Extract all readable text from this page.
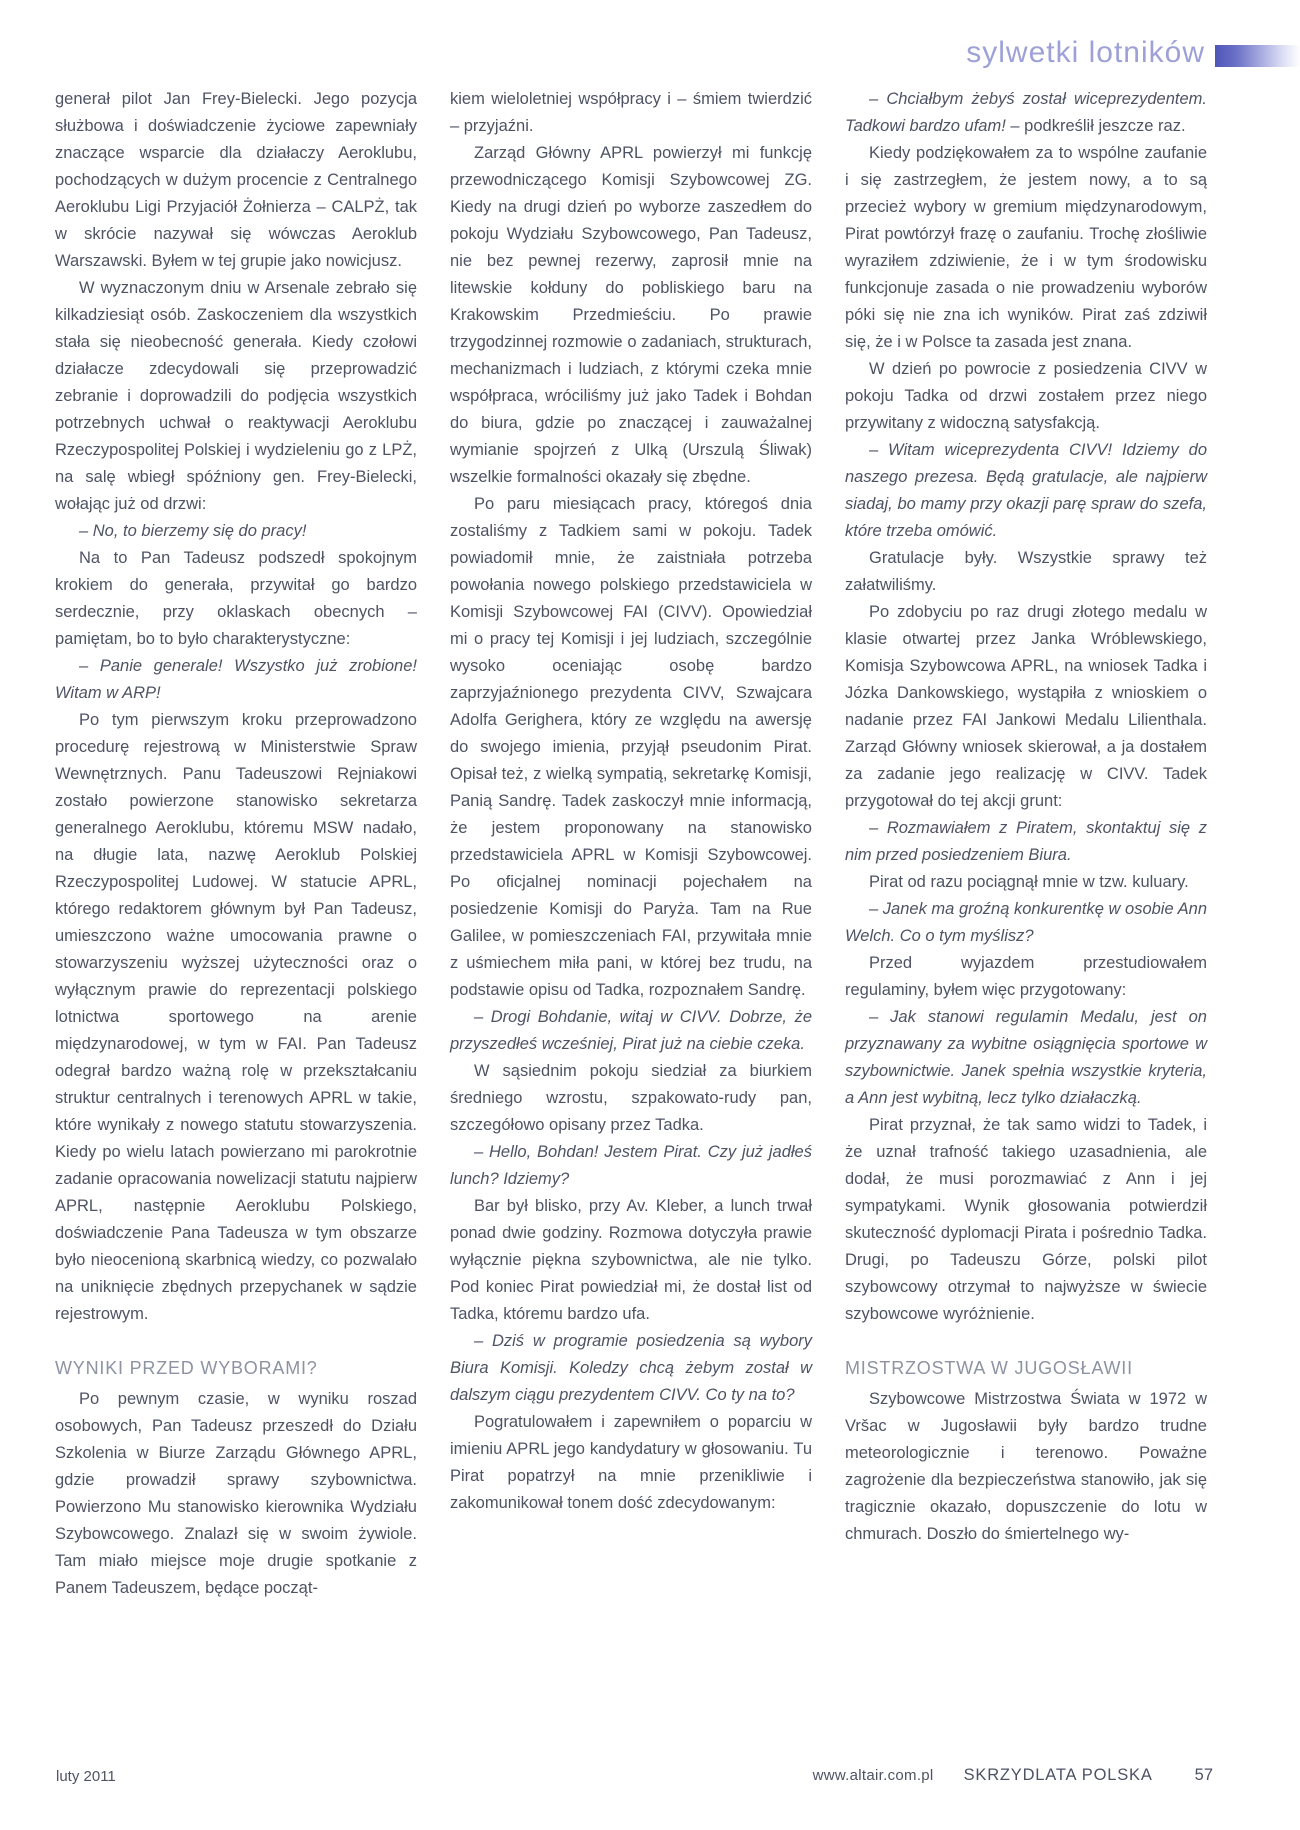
sylwetki lotników

generał pilot Jan Frey-Bielecki. Jego pozycja służbowa i doświadczenie życiowe zapewniały znaczące wsparcie dla działaczy Aeroklubu, pochodzących w dużym procencie z Centralnego Aeroklubu Ligi Przyjaciół Żołnierza – CALPŻ, tak w skrócie nazywał się wówczas Aeroklub Warszawski. Byłem w tej grupie jako nowicjusz.

W wyznaczonym dniu w Arsenale zebrało się kilkadziesiąt osób. Zaskoczeniem dla wszystkich stała się nieobecność generała. Kiedy czołowi działacze zdecydowali się przeprowadzić zebranie i doprowadzili do podjęcia wszystkich potrzebnych uchwał o reaktywacji Aeroklubu Rzeczypospolitej Polskiej i wydzieleniu go z LPŻ, na salę wbiegł spóźniony gen. Frey-Bielecki, wołając już od drzwi:

– No, to bierzemy się do pracy!

Na to Pan Tadeusz podszedł spokojnym krokiem do generała, przywitał go bardzo serdecznie, przy oklaskach obecnych – pamiętam, bo to było charakterystyczne:

– Panie generale! Wszystko już zrobione! Witam w ARP!

Po tym pierwszym kroku przeprowadzono procedurę rejestrową w Ministerstwie Spraw Wewnętrznych. Panu Tadeuszowi Rejniakowi zostało powierzone stanowisko sekretarza generalnego Aeroklubu, któremu MSW nadało, na długie lata, nazwę Aeroklub Polskiej Rzeczypospolitej Ludowej. W statucie APRL, którego redaktorem głównym był Pan Tadeusz, umieszczono ważne umocowania prawne o stowarzyszeniu wyższej użyteczności oraz o wyłącznym prawie do reprezentacji polskiego lotnictwa sportowego na arenie międzynarodowej, w tym w FAI. Pan Tadeusz odegrał bardzo ważną rolę w przekształcaniu struktur centralnych i terenowych APRL w takie, które wynikały z nowego statutu stowarzyszenia. Kiedy po wielu latach powierzano mi parokrotnie zadanie opracowania nowelizacji statutu najpierw APRL, następnie Aeroklubu Polskiego, doświadczenie Pana Tadeusza w tym obszarze było nieocenioną skarbnicą wiedzy, co pozwalało na uniknięcie zbędnych przepychanek w sądzie rejestrowym.

WYNIKI PRZED WYBORAMI?

Po pewnym czasie, w wyniku roszad osobowych, Pan Tadeusz przeszedł do Działu Szkolenia w Biurze Zarządu Głównego APRL, gdzie prowadził sprawy szybownictwa. Powierzono Mu stanowisko kierownika Wydziału Szybowcowego. Znalazł się w swoim żywiole. Tam miało miejsce moje drugie spotkanie z Panem Tadeuszem, będące począt-

kiem wieloletniej współpracy i – śmiem twierdzić – przyjaźni.

Zarząd Główny APRL powierzył mi funkcję przewodniczącego Komisji Szybowcowej ZG. Kiedy na drugi dzień po wyborze zaszedłem do pokoju Wydziału Szybowcowego, Pan Tadeusz, nie bez pewnej rezerwy, zaprosił mnie na litewskie kołduny do pobliskiego baru na Krakowskim Przedmieściu. Po prawie trzygodzinnej rozmowie o zadaniach, strukturach, mechanizmach i ludziach, z którymi czeka mnie współpraca, wróciliśmy już jako Tadek i Bohdan do biura, gdzie po znaczącej i zauważalnej wymianie spojrzeń z Ulką (Urszulą Śliwak) wszelkie formalności okazały się zbędne.

Po paru miesiącach pracy, któregoś dnia zostaliśmy z Tadkiem sami w pokoju. Tadek powiadomił mnie, że zaistniała potrzeba powołania nowego polskiego przedstawiciela w Komisji Szybowcowej FAI (CIVV). Opowiedział mi o pracy tej Komisji i jej ludziach, szczególnie wysoko oceniając osobę bardzo zaprzyjaźnionego prezydenta CIVV, Szwajcara Adolfa Gerighera, który ze względu na awersję do swojego imienia, przyjął pseudonim Pirat. Opisał też, z wielką sympatią, sekretarkę Komisji, Panią Sandrę. Tadek zaskoczył mnie informacją, że jestem proponowany na stanowisko przedstawiciela APRL w Komisji Szybowcowej. Po oficjalnej nominacji pojechałem na posiedzenie Komisji do Paryża. Tam na Rue Galilee, w pomieszczeniach FAI, przywitała mnie z uśmiechem miła pani, w której bez trudu, na podstawie opisu od Tadka, rozpoznałem Sandrę.

– Drogi Bohdanie, witaj w CIVV. Dobrze, że przyszedłeś wcześniej, Pirat już na ciebie czeka.

W sąsiednim pokoju siedział za biurkiem średniego wzrostu, szpakowato-rudy pan, szczegółowo opisany przez Tadka.

– Hello, Bohdan! Jestem Pirat. Czy już jadłeś lunch? Idziemy?

Bar był blisko, przy Av. Kleber, a lunch trwał ponad dwie godziny. Rozmowa dotyczyła prawie wyłącznie piękna szybownictwa, ale nie tylko. Pod koniec Pirat powiedział mi, że dostał list od Tadka, któremu bardzo ufa.

– Dziś w programie posiedzenia są wybory Biura Komisji. Koledzy chcą żebym został w dalszym ciągu prezydentem CIVV. Co ty na to?

Pogratulowałem i zapewniłem o poparciu w imieniu APRL jego kandydatury w głosowaniu. Tu Pirat popatrzył na mnie przenikliwie i zakomunikował tonem dość zdecydowanym:

– Chciałbym żebyś został wiceprezydentem. Tadkowi bardzo ufam! – podkreślił jeszcze raz.

Kiedy podziękowałem za to wspólne zaufanie i się zastrzegłem, że jestem nowy, a to są przecież wybory w gremium międzynarodowym, Pirat powtórzył frazę o zaufaniu. Trochę złośliwie wyraziłem zdziwienie, że i w tym środowisku funkcjonuje zasada o nie prowadzeniu wyborów póki się nie zna ich wyników. Pirat zaś zdziwił się, że i w Polsce ta zasada jest znana.

W dzień po powrocie z posiedzenia CIVV w pokoju Tadka od drzwi zostałem przez niego przywitany z widoczną satysfakcją.

– Witam wiceprezydenta CIVV! Idziemy do naszego prezesa. Będą gratulacje, ale najpierw siadaj, bo mamy przy okazji parę spraw do szefa, które trzeba omówić.

Gratulacje były. Wszystkie sprawy też załatwiliśmy.

Po zdobyciu po raz drugi złotego medalu w klasie otwartej przez Janka Wróblewskiego, Komisja Szybowcowa APRL, na wniosek Tadka i Józka Dankowskiego, wystąpiła z wnioskiem o nadanie przez FAI Jankowi Medalu Lilienthala. Zarząd Główny wniosek skierował, a ja dostałem za zadanie jego realizację w CIVV. Tadek przygotował do tej akcji grunt:

– Rozmawiałem z Piratem, skontaktuj się z nim przed posiedzeniem Biura.

Pirat od razu pociągnął mnie w tzw. kuluary.

– Janek ma groźną konkurentkę w osobie Ann Welch. Co o tym myślisz?

Przed wyjazdem przestudiowałem regulaminy, byłem więc przygotowany:

– Jak stanowi regulamin Medalu, jest on przyznawany za wybitne osiągnięcia sportowe w szybownictwie. Janek spełnia wszystkie kryteria, a Ann jest wybitną, lecz tylko działaczką.

Pirat przyznał, że tak samo widzi to Tadek, i że uznał trafność takiego uzasadnienia, ale dodał, że musi porozmawiać z Ann i jej sympatykami. Wynik głosowania potwierdził skuteczność dyplomacji Pirata i pośrednio Tadka. Drugi, po Tadeuszu Górze, polski pilot szybowcowy otrzymał to najwyższe w świecie szybowcowe wyróżnienie.

MISTRZOSTWA W JUGOSŁAWII

Szybowcowe Mistrzostwa Świata w 1972 w Vršac w Jugosławii były bardzo trudne meteorologicznie i terenowo. Poważne zagrożenie dla bezpieczeństwa stanowiło, jak się tragicznie okazało, dopuszczenie do lotu w chmurach. Doszło do śmiertelnego wy-

luty 2011	www.altair.com.pl SKRZYDLATA POLSKA	57
